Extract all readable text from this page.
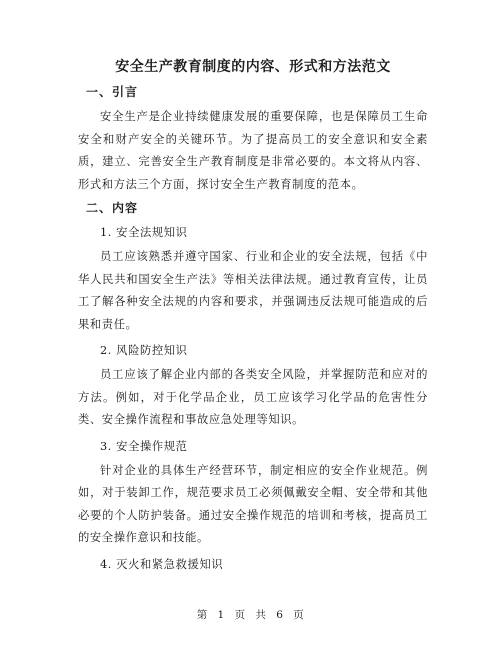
安全生产教育制度的内容、形式和方法范文
一、引言

安全生产是企业持续健康发展的重要保障，也是保障员工生命安全和财产安全的关键环节。为了提高员工的安全意识和安全素质，建立、完善安全生产教育制度是非常必要的。本文将从内容、形式和方法三个方面，探讨安全生产教育制度的范本。

二、内容
1. 安全法规知识

员工应该熟悉并遵守国家、行业和企业的安全法规，包括《中华人民共和国安全生产法》等相关法律法规。通过教育宣传，让员工了解各种安全法规的内容和要求，并强调违反法规可能造成的后果和责任。

2. 风险防控知识

员工应该了解企业内部的各类安全风险，并掌握防范和应对的方法。例如，对于化学品企业，员工应该学习化学品的危害性分类、安全操作流程和事故应急处理等知识。

3. 安全操作规范

针对企业的具体生产经营环节，制定相应的安全作业规范。例如，对于装卸工作，规范要求员工必须佩戴安全帽、安全带和其他必要的个人防护装备。通过安全操作规范的培训和考核，提高员工的安全操作意识和技能。

4. 灭火和紧急救援知识
第 1 页 共 6 页
